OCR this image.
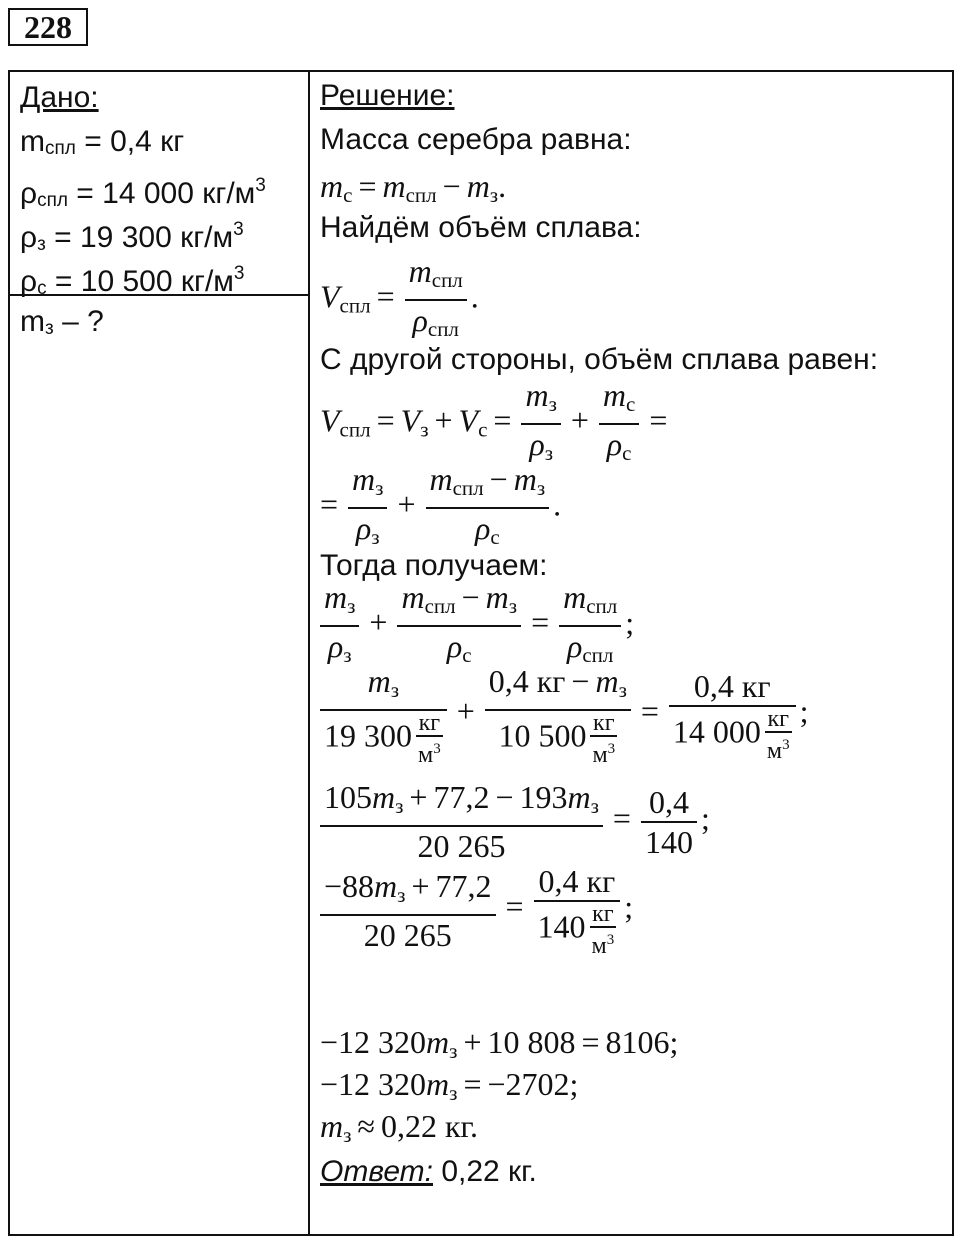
228
Дано:
mспл = 0,4 кг
ρспл = 14 000 $кг/м^3$
ρз = 19 300 $кг/м^3$
ρс = 10 500 $кг/м^3$
mз – ?
Решение:
Масса серебра равна:
mс = mспл − mз.
Найдём объём сплава:
Vспл =
mспл
ρспл
.
С другой стороны, объём сплава равен:
Vспл = Vз + Vс =
mз
ρз
+
mс
ρс
=
=
mз
ρз
+
mспл − mз
ρс
.
Тогда получаем:
mз
ρз
+
mспл − mз
ρс
=
mспл
ρспл
;
mз
19 300 кг
$м^3$
+
0,4 кг − mз
10 500 кг
$м^3$
=
0,4 кг
14 000 кг
$м^3$
;
105mз + 77,2 − 193mз
20 265
= $\frac{0,4}{140}$ ;
−88mз + 77,2
20 265
=
0,4 кг
140 кг
$м^3$
;
−12 320mз + 10 808 = 8106;
−12 320mз = −2702;
mз ≈ 0,22 кг.
Ответ: 0,22 кг.
